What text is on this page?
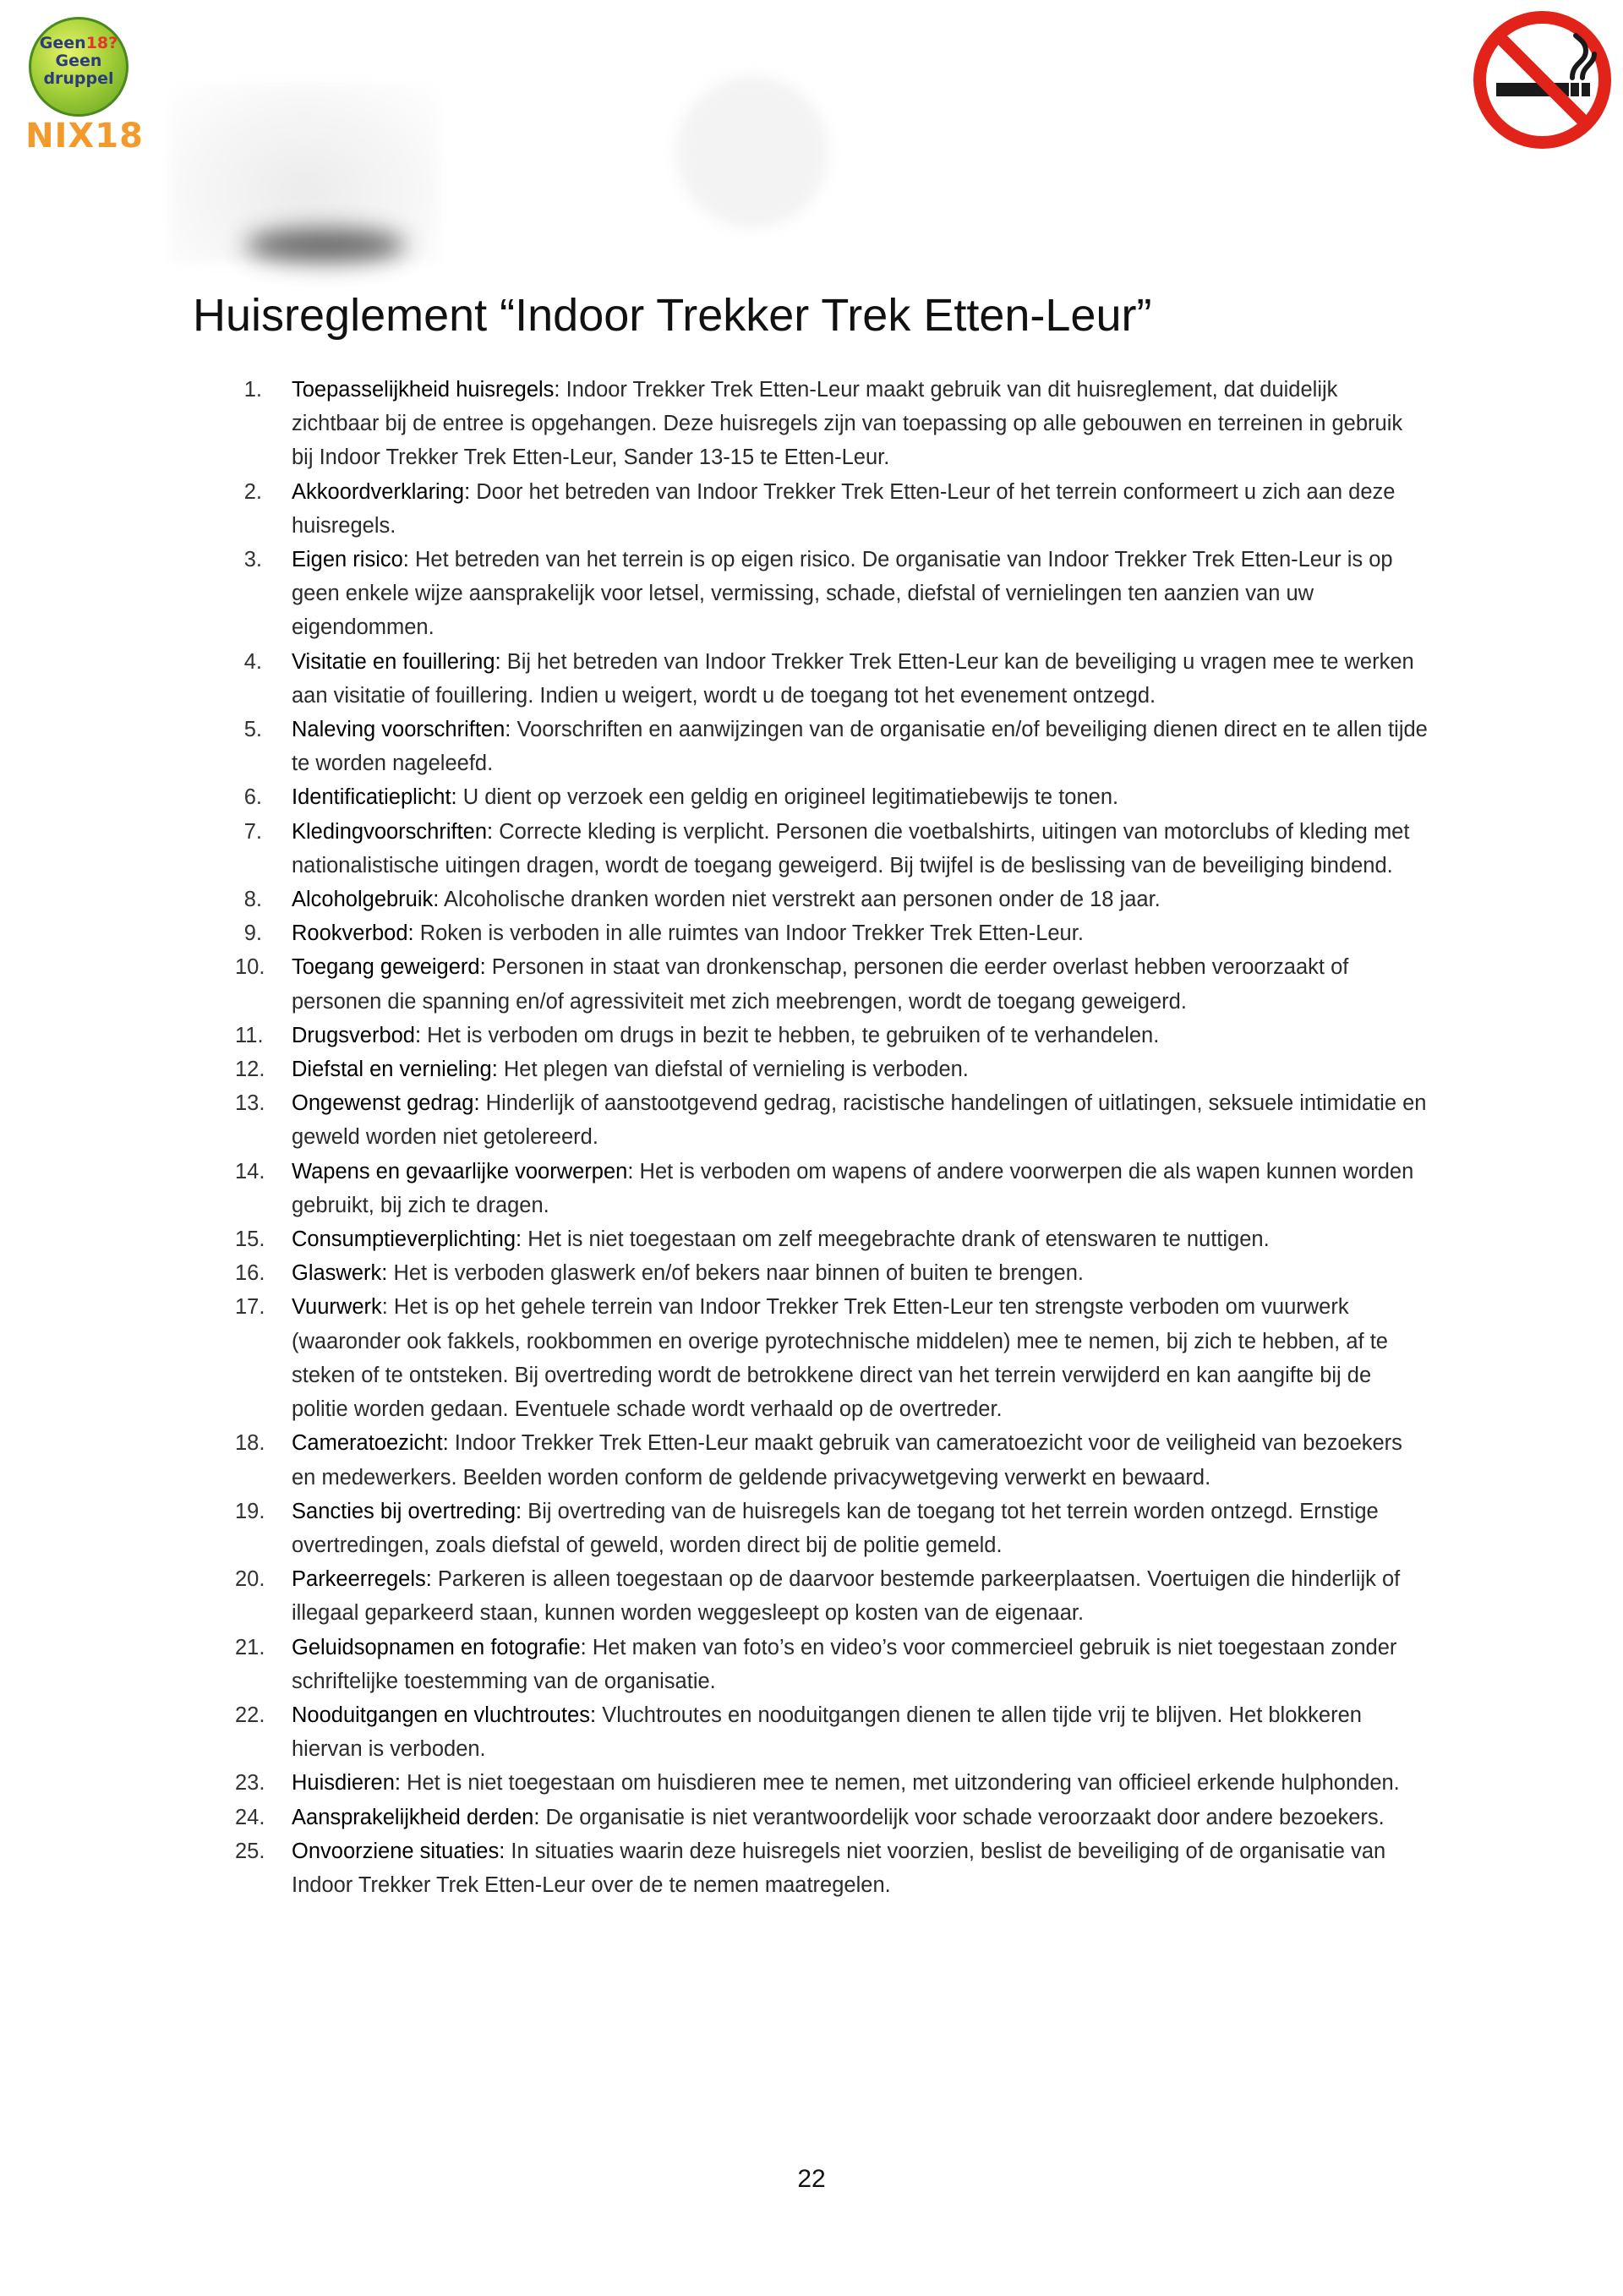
Geen18?
Geen
druppel
NIX18
Huisreglement “Indoor Trekker Trek Etten-Leur”
1. Toepasselijkheid huisregels: Indoor Trekker Trek Etten-Leur maakt gebruik van dit huisreglement, dat duidelijk zichtbaar bij de entree is opgehangen. Deze huisregels zijn van toepassing op alle gebouwen en terreinen in gebruik bij Indoor Trekker Trek Etten-Leur, Sander 13-15 te Etten-Leur.
2. Akkoordverklaring: Door het betreden van Indoor Trekker Trek Etten-Leur of het terrein conformeert u zich aan deze huisregels.
3. Eigen risico: Het betreden van het terrein is op eigen risico. De organisatie van Indoor Trekker Trek Etten-Leur is op geen enkele wijze aansprakelijk voor letsel, vermissing, schade, diefstal of vernielingen ten aanzien van uw eigendommen.
4. Visitatie en fouillering: Bij het betreden van Indoor Trekker Trek Etten-Leur kan de beveiliging u vragen mee te werken aan visitatie of fouillering. Indien u weigert, wordt u de toegang tot het evenement ontzegd.
5. Naleving voorschriften: Voorschriften en aanwijzingen van de organisatie en/of beveiliging dienen direct en te allen tijde te worden nageleefd.
6. Identificatieplicht: U dient op verzoek een geldig en origineel legitimatiebewijs te tonen.
7. Kledingvoorschriften: Correcte kleding is verplicht. Personen die voetbalshirts, uitingen van motorclubs of kleding met nationalistische uitingen dragen, wordt de toegang geweigerd. Bij twijfel is de beslissing van de beveiliging bindend.
8. Alcoholgebruik: Alcoholische dranken worden niet verstrekt aan personen onder de 18 jaar.
9. Rookverbod: Roken is verboden in alle ruimtes van Indoor Trekker Trek Etten-Leur.
10. Toegang geweigerd: Personen in staat van dronkenschap, personen die eerder overlast hebben veroorzaakt of personen die spanning en/of agressiviteit met zich meebrengen, wordt de toegang geweigerd.
11. Drugsverbod: Het is verboden om drugs in bezit te hebben, te gebruiken of te verhandelen.
12. Diefstal en vernieling: Het plegen van diefstal of vernieling is verboden.
13. Ongewenst gedrag: Hinderlijk of aanstootgevend gedrag, racistische handelingen of uitlatingen, seksuele intimidatie en geweld worden niet getolereerd.
14. Wapens en gevaarlijke voorwerpen: Het is verboden om wapens of andere voorwerpen die als wapen kunnen worden gebruikt, bij zich te dragen.
15. Consumptieverplichting: Het is niet toegestaan om zelf meegebrachte drank of etenswaren te nuttigen.
16. Glaswerk: Het is verboden glaswerk en/of bekers naar binnen of buiten te brengen.
17. Vuurwerk: Het is op het gehele terrein van Indoor Trekker Trek Etten-Leur ten strengste verboden om vuurwerk (waaronder ook fakkels, rookbommen en overige pyrotechnische middelen) mee te nemen, bij zich te hebben, af te steken of te ontsteken. Bij overtreding wordt de betrokkene direct van het terrein verwijderd en kan aangifte bij de politie worden gedaan. Eventuele schade wordt verhaald op de overtreder.
18. Cameratoezicht: Indoor Trekker Trek Etten-Leur maakt gebruik van cameratoezicht voor de veiligheid van bezoekers en medewerkers. Beelden worden conform de geldende privacywetgeving verwerkt en bewaard.
19. Sancties bij overtreding: Bij overtreding van de huisregels kan de toegang tot het terrein worden ontzegd. Ernstige overtredingen, zoals diefstal of geweld, worden direct bij de politie gemeld.
20. Parkeerregels: Parkeren is alleen toegestaan op de daarvoor bestemde parkeerplaatsen. Voertuigen die hinderlijk of illegaal geparkeerd staan, kunnen worden weggesleept op kosten van de eigenaar.
21. Geluidsopnamen en fotografie: Het maken van foto’s en video’s voor commercieel gebruik is niet toegestaan zonder schriftelijke toestemming van de organisatie.
22. Nooduitgangen en vluchtroutes: Vluchtroutes en nooduitgangen dienen te allen tijde vrij te blijven. Het blokkeren hiervan is verboden.
23. Huisdieren: Het is niet toegestaan om huisdieren mee te nemen, met uitzondering van officieel erkende hulphonden.
24. Aansprakelijkheid derden: De organisatie is niet verantwoordelijk voor schade veroorzaakt door andere bezoekers.
25. Onvoorziene situaties: In situaties waarin deze huisregels niet voorzien, beslist de beveiliging of de organisatie van Indoor Trekker Trek Etten-Leur over de te nemen maatregelen.
22
